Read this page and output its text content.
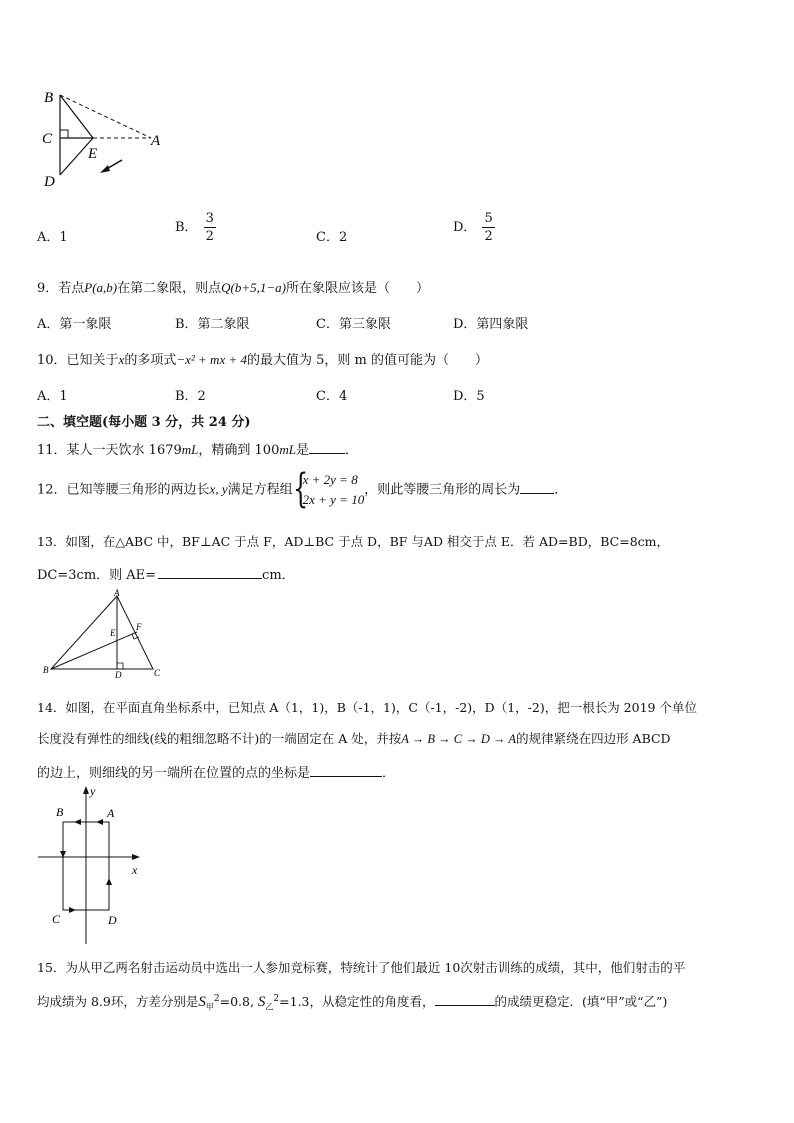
B
C
D
E
A
A．1
B． $\frac{3}{2}$	C．2
D． $\frac{5}{2}$
9．若点P(a,b)在第二象限，则点Q(b+5,1−a)所在象限应该是（　　）
A．第一象限	B．第二象限	C．第三象限	D．第四象限
10．已知关于x的多项式−x² + mx + 4的最大值为 5，则 m 的值可能为（　　）
A．1	B．2	C．4	D．5
二、填空题(每小题 3 分，共 24 分)
11．某人一天饮水 1679mL，精确到 100mL是	．
12．已知等腰三角形的两边长x, y满足方程组 {
x + 2y = 8
2x + y = 10
，则此等腰三角形的周长为	．
13．如图，在△ABC 中，BF⊥AC 于点 F，AD⊥BC 于点 D，BF 与AD 相交于点 E．若 AD=BD，BC=8cm，
DC=3cm．则 AE=	cm．
A
B	C
D
E
F
14．如图，在平面直角坐标系中，已知点 A（1，1)，B（-1，1)，C（-1，-2)，D（1，-2)，把一根长为 2019 个单位
长度没有弹性的细线(线的粗细忽略不计)的一端固定在 A 处，并按A → B → C → D → A的规律紧绕在四边形 ABCD
的边上，则细线的另一端所在位置的点的坐标是	．
B	A
C	D
x
y
15．为从甲乙两名射击运动员中选出一人参加竞标赛，特统计了他们最近 10次射击训练的成绩，其中，他们射击的平
均成绩为 8.9环，方差分别是$S_甲^2=0.8$, $S_乙^2=1.3$，从稳定性的角度看，	的成绩更稳定．(填“甲”或“乙”)
